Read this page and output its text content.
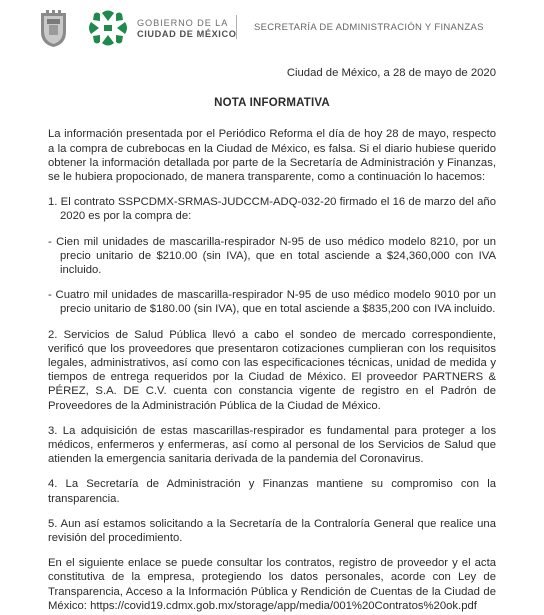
GOBIERNO DE LA
CIUDAD DE MÉXICO
SECRETARÍA DE ADMINISTRACIÓN Y FINANZAS
Ciudad de México, a 28 de mayo de 2020
NOTA INFORMATIVA

La información presentada por el Periódico Reforma el día de hoy 28 de mayo, respecto a la compra de cubrebocas en la Ciudad de México, es falsa. Si el diario hubiese querido obtener la información detallada por parte de la Secretaría de Administración y Finanzas, se le hubiera propocionado, de manera transparente, como a continuación lo hacemos:

1. El contrato SSPCDMX-SRMAS-JUDCCM-ADQ-032-20 firmado el 16 de marzo del año 2020 es por la compra de:

- Cien mil unidades de mascarilla-respirador N-95 de uso médico modelo 8210, por un precio unitario de $210.00 (sin IVA), que en total asciende a $24,360,000 con IVA incluido.

- Cuatro mil unidades de mascarilla-respirador N-95 de uso médico modelo 9010 por un precio unitario de $180.00 (sin IVA), que en total asciende a $835,200 con IVA incluido.

2. Servicios de Salud Pública llevó a cabo el sondeo de mercado correspondiente, verificó que los proveedores que presentaron cotizaciones cumplieran con los requisitos legales, administrativos, así como con las especificaciones técnicas, unidad de medida y tiempos de entrega requeridos por la Ciudad de México. El proveedor PARTNERS & PÉREZ, S.A. DE C.V. cuenta con constancia vigente de registro en el Padrón de Proveedores de la Administración Pública de la Ciudad de México.

3. La adquisición de estas mascarillas-respirador es fundamental para proteger a los médicos, enfermeros y enfermeras, así como al personal de los Servicios de Salud que atienden la emergencia sanitaria derivada de la pandemia del Coronavirus.

4. La Secretaría de Administración y Finanzas mantiene su compromiso con la transparencia.

5. Aun así estamos solicitando a la Secretaría de la Contraloría General que realice una revisión del procedimiento.

En el siguiente enlace se puede consultar los contratos, registro de proveedor y el acta constitutiva de la empresa, protegiendo los datos personales, acorde con Ley de Transparencia, Acceso a la Información Pública y Rendición de Cuentas de la Ciudad de México: https://covid19.cdmx.gob.mx/storage/app/media/001%20Contratos%20ok.pdf
